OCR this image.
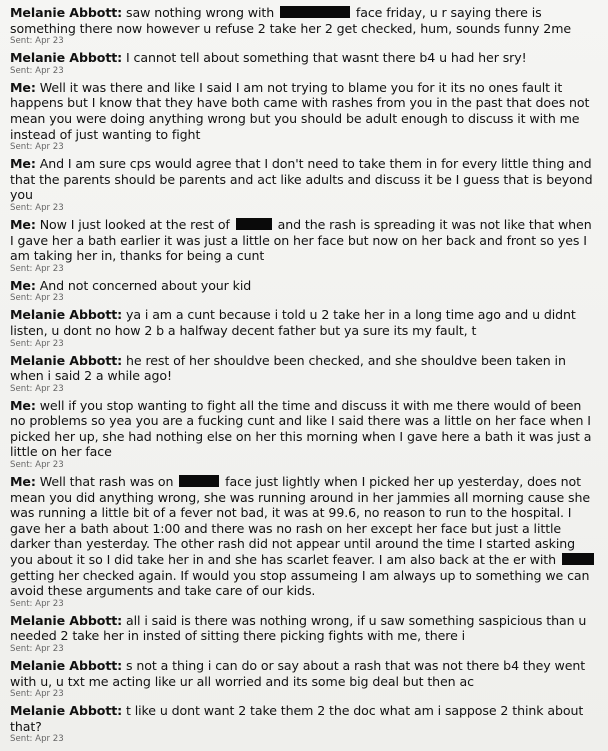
Melanie Abbott: saw nothing wrong with	face friday, u r saying there is something there now however u refuse 2 take her 2 get checked, hum, sounds funny 2me
Sent: Apr 23
Melanie Abbott: I cannot tell about something that wasnt there b4 u had her sry!
Sent: Apr 23
Me: Well it was there and like I said I am not trying to blame you for it its no ones fault it happens but I know that they have both came with rashes from you in the past that does not mean you were doing anything wrong but you should be adult enough to discuss it with me instead of just wanting to fight
Sent: Apr 23
Me: And I am sure cps would agree that I don't need to take them in for every little thing and that the parents should be parents and act like adults and discuss it be I guess that is beyond you
Sent: Apr 23
Me: Now I just looked at the rest of	and the rash is spreading it was not like that when I gave her a bath earlier it was just a little on her face but now on her back and front so yes I am taking her in, thanks for being a cunt
Sent: Apr 23
Me: And not concerned about your kid
Sent: Apr 23
Melanie Abbott: ya i am a cunt because i told u 2 take her in a long time ago and u didnt listen, u dont no how 2 b a halfway decent father but ya sure its my fault, t
Sent: Apr 23
Melanie Abbott: he rest of her shouldve been checked, and she shouldve been taken in when i said 2 a while ago!
Sent: Apr 23
Me: well if you stop wanting to fight all the time and discuss it with me there would of been no problems so yea you are a fucking cunt and like I said there was a little on her face when I picked her up, she had nothing else on her this morning when I gave here a bath it was just a little on her face
Sent: Apr 23
Me: Well that rash was on	face just lightly when I picked her up yesterday, does not mean you did anything wrong, she was running around in her jammies all morning cause she was running a little bit of a fever not bad, it was at 99.6, no reason to run to the hospital. I gave her a bath about 1:00 and there was no rash on her except her face but just a little darker than yesterday. The other rash did not appear until around the time I started asking you about it so I did take her in and she has scarlet feaver. I am also back at the er with  getting her checked again. If would you stop assumeing I am always up to something we can avoid these arguments and take care of our kids.
Sent: Apr 23
Melanie Abbott: all i said is there was nothing wrong, if u saw something saspicious than u needed 2 take her in insted of sitting there picking fights with me, there i
Sent: Apr 23
Melanie Abbott: s not a thing i can do or say about a rash that was not there b4 they went with u, u txt me acting like ur all worried and its some big deal but then ac
Sent: Apr 23
Melanie Abbott: t like u dont want 2 take them 2 the doc what am i sappose 2 think about that?
Sent: Apr 23
